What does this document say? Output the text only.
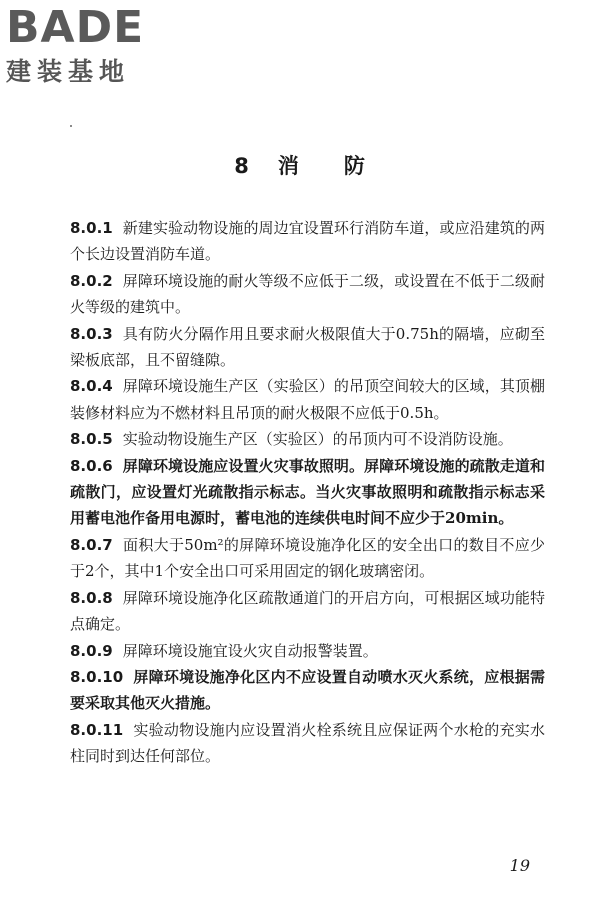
BADE
建装基地
8 消 防

8.0.1 新建实验动物设施的周边宜设置环行消防车道，或应沿建筑的两个长边设置消防车道。

8.0.2 屏障环境设施的耐火等级不应低于二级，或设置在不低于二级耐火等级的建筑中。

8.0.3 具有防火分隔作用且要求耐火极限值大于0.75h的隔墙，应砌至梁板底部，且不留缝隙。

8.0.4 屏障环境设施生产区（实验区）的吊顶空间较大的区域，其顶棚装修材料应为不燃材料且吊顶的耐火极限不应低于0.5h。

8.0.5 实验动物设施生产区（实验区）的吊顶内可不设消防设施。

8.0.6 屏障环境设施应设置火灾事故照明。屏障环境设施的疏散走道和疏散门，应设置灯光疏散指示标志。当火灾事故照明和疏散指示标志采用蓄电池作备用电源时，蓄电池的连续供电时间不应少于20min。

8.0.7 面积大于50m²的屏障环境设施净化区的安全出口的数目不应少于2个，其中1个安全出口可采用固定的钢化玻璃密闭。

8.0.8 屏障环境设施净化区疏散通道门的开启方向，可根据区域功能特点确定。

8.0.9 屏障环境设施宜设火灾自动报警装置。

8.0.10 屏障环境设施净化区内不应设置自动喷水灭火系统，应根据需要采取其他灭火措施。

8.0.11 实验动物设施内应设置消火栓系统且应保证两个水枪的充实水柱同时到达任何部位。

19
